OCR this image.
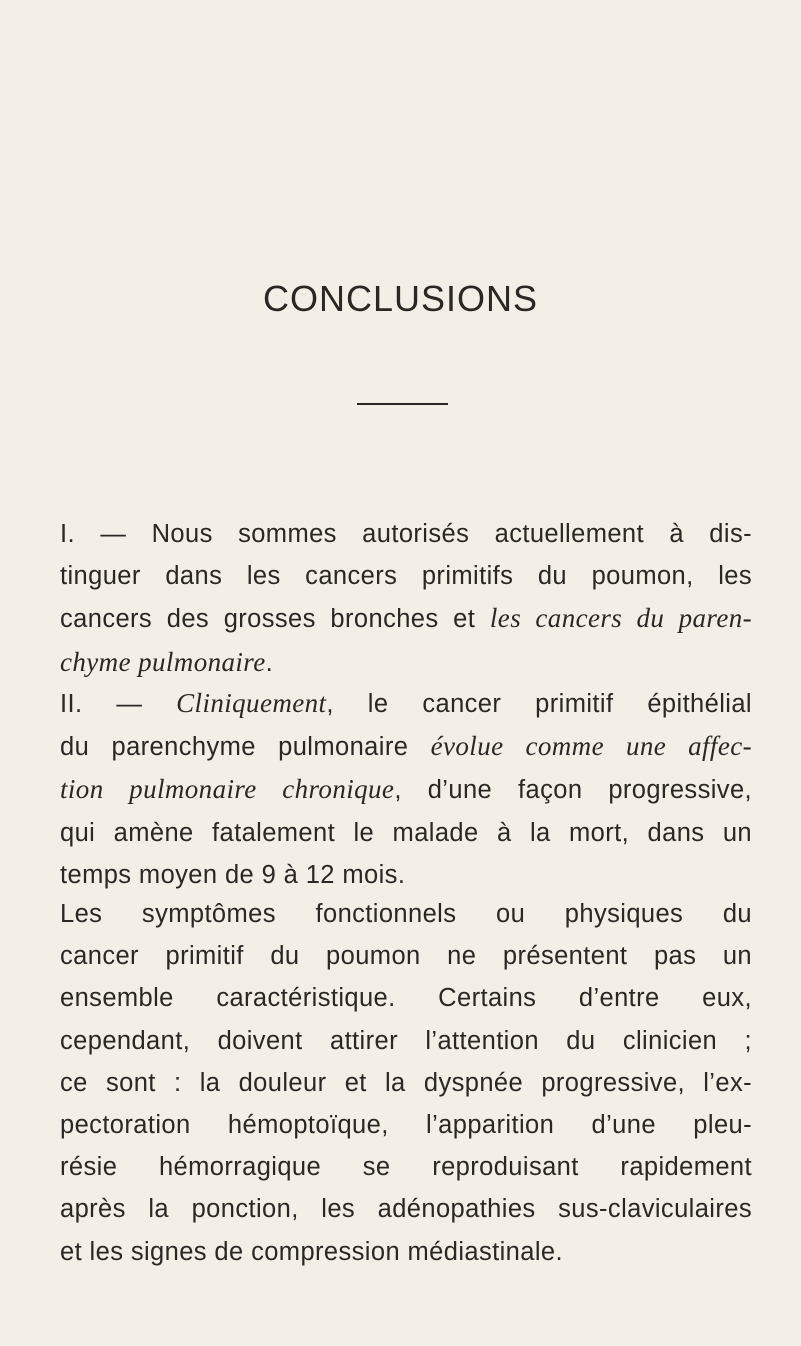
CONCLUSIONS
I. — Nous sommes autorisés actuellement à dis-
tinguer dans les cancers primitifs du poumon, les
cancers des grosses bronches et les cancers du paren-
chyme pulmonaire.
II. — Cliniquement, le cancer primitif épithélial
du parenchyme pulmonaire évolue comme une affec-
tion pulmonaire chronique, d’une façon progressive,
qui amène fatalement le malade à la mort, dans un
temps moyen de 9 à 12 mois.
Les symptômes fonctionnels ou physiques du
cancer primitif du poumon ne présentent pas un
ensemble caractéristique. Certains d’entre eux,
cependant, doivent attirer l’attention du clinicien ;
ce sont : la douleur et la dyspnée progressive, l’ex-
pectoration hémoptoïque, l’apparition d’une pleu-
résie hémorragique se reproduisant rapidement
après la ponction, les adénopathies sus-claviculaires
et les signes de compression médiastinale.
